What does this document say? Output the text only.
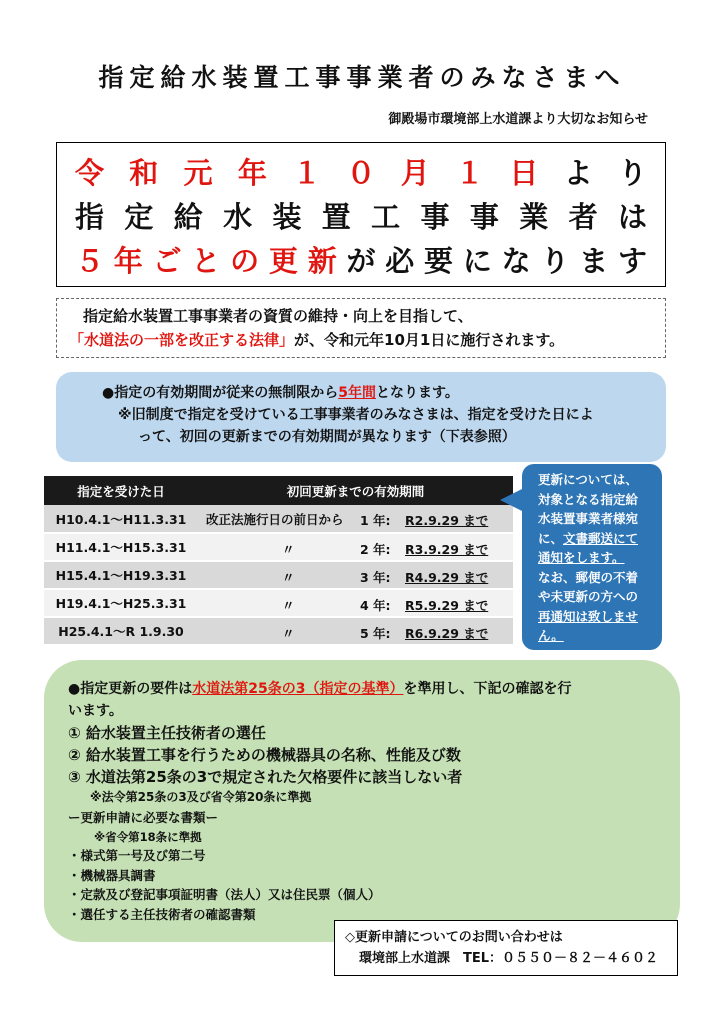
指定給水装置工事事業者のみなさまへ
御殿場市環境部上水道課より大切なお知らせ
令 和 元 年 １ ０ 月 １ 日 よ り
指 定 給 水 装 置 工 事 事 業 者 は
５ 年 ご と の 更 新 が 必 要 に な り ま す
指定給水装置工事事業者の資質の維持・向上を目指して、
「水道法の一部を改正する法律」が、令和元年10月1日に施行されます。
●指定の有効期間が従来の無制限から5年間となります。
※旧制度で指定を受けている工事事業者のみなさまは、指定を受けた日によ
って、初回の更新までの有効期間が異なります（下表参照）
指定を受けた日	初回更新までの有効期間
H10.4.1～H11.3.31	改正法施行日の前日から 1 年: R2.9.29 まで

H11.4.1～H15.3.31	〃 2 年: R3.9.29 まで

H15.4.1～H19.3.31	〃 3 年: R4.9.29 まで

H19.4.1～H25.3.31	〃 4 年: R5.9.29 まで

H25.4.1～R 1.9.30	〃 5 年: R6.9.29 まで
更新については、
対象となる指定給
水装置事業者様宛
に、文書郵送にて
通知をします。
なお、郵便の不着
や未更新の方への
再通知は致しませ
ん。
●指定更新の要件は水道法第25条の3（指定の基準）を準用し、下記の確認を行
います。
① 給水装置主任技術者の選任
② 給水装置工事を行うための機械器具の名称、性能及び数
③ 水道法第25条の3で規定された欠格要件に該当しない者
※法令第25条の3及び省令第20条に準拠
ー更新申請に必要な書類ー
※省令第18条に準拠
・様式第一号及び第二号
・機械器具調書
・定款及び登記事項証明書（法人）又は住民票（個人）
・選任する主任技術者の確認書類
◇更新申請についてのお問い合わせは
環境部上水道課　TEL：０５５０－８２－４６０２
